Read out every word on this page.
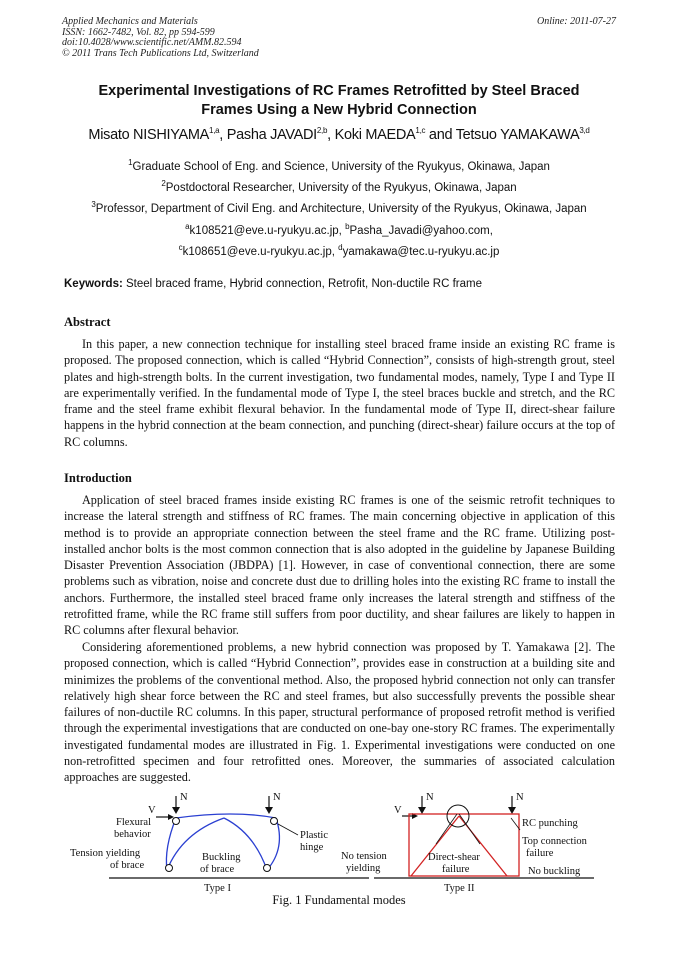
Applied Mechanics and Materials
ISSN: 1662-7482, Vol. 82, pp 594-599
doi:10.4028/www.scientific.net/AMM.82.594
© 2011 Trans Tech Publications Ltd, Switzerland
Online: 2011-07-27
Experimental Investigations of RC Frames Retrofitted by Steel Braced
Frames Using a New Hybrid Connection
Misato NISHIYAMA$^{1,a}$, Pasha JAVADI$^{2,b}$, Koki MAEDA$^{1,c}$ and Tetsuo YAMAKAWA$^{3,d}$
$^1$Graduate School of Eng. and Science, University of the Ryukyus, Okinawa, Japan
$^2$Postdoctoral Researcher, University of the Ryukyus, Okinawa, Japan
$^3$Professor, Department of Civil Eng. and Architecture, University of the Ryukyus, Okinawa, Japan
$^a$k108521@eve.u-ryukyu.ac.jp, $^b$Pasha_Javadi@yahoo.com,
$^c$k108651@eve.u-ryukyu.ac.jp, $^d$yamakawa@tec.u-ryukyu.ac.jp
Keywords: Steel braced frame, Hybrid connection, Retrofit, Non-ductile RC frame
Abstract

In this paper, a new connection technique for installing steel braced frame inside an existing RC frame is proposed. The proposed connection, which is called “Hybrid Connection”, consists of high-strength grout, steel plates and high-strength bolts. In the current investigation, two fundamental modes, namely, Type I and Type II are experimentally verified. In the fundamental mode of Type I, the steel braces buckle and stretch, and the RC frame and the steel frame exhibit flexural behavior. In the fundamental mode of Type II, direct-shear failure happens in the hybrid connection at the beam connection, and punching (direct-shear) failure occurs at the top of RC columns.

Introduction

Application of steel braced frames inside existing RC frames is one of the seismic retrofit techniques to increase the lateral strength and stiffness of RC frames. The main concerning objective in application of this method is to provide an appropriate connection between the steel frame and the RC frame. Utilizing post-installed anchor bolts is the most common connection that is also adopted in the guideline by Japanese Building Disaster Prevention Association (JBDPA) [1]. However, in case of conventional connection, there are some problems such as vibration, noise and concrete dust due to drilling holes into the existing RC frame to install the anchors. Furthermore, the installed steel braced frame only increases the lateral strength and stiffness of the retrofitted frame, while the RC frame still suffers from poor ductility, and shear failures are likely to happen in RC columns after flexural behavior.

Considering aforementioned problems, a new hybrid connection was proposed by T. Yamakawa [2]. The proposed connection, which is called “Hybrid Connection”, provides ease in construction at a building site and minimizes the problems of the conventional method. Also, the proposed hybrid connection not only can transfer relatively high shear force between the RC and steel frames, but also successfully prevents the possible shear failures of non-ductile RC columns. In this paper, structural performance of proposed retrofit method is verified through the experimental investigations that are conducted on one-bay one-story RC frames. The experimentally investigated fundamental modes are illustrated in Fig. 1. Experimental investigations were conducted on one non-retrofitted specimen and four retrofitted ones. Moreover, the summaries of associated calculation approaches are suggested.

N	N
V
Flexural
behavior
Tension yielding
of brace
Buckling
of brace
Plastic
hinge
Type I
N	N
V
RC punching
Top connection
failure
No buckling
No tension
yielding
Direct-shear
failure
Type II
Fig. 1 Fundamental modes
